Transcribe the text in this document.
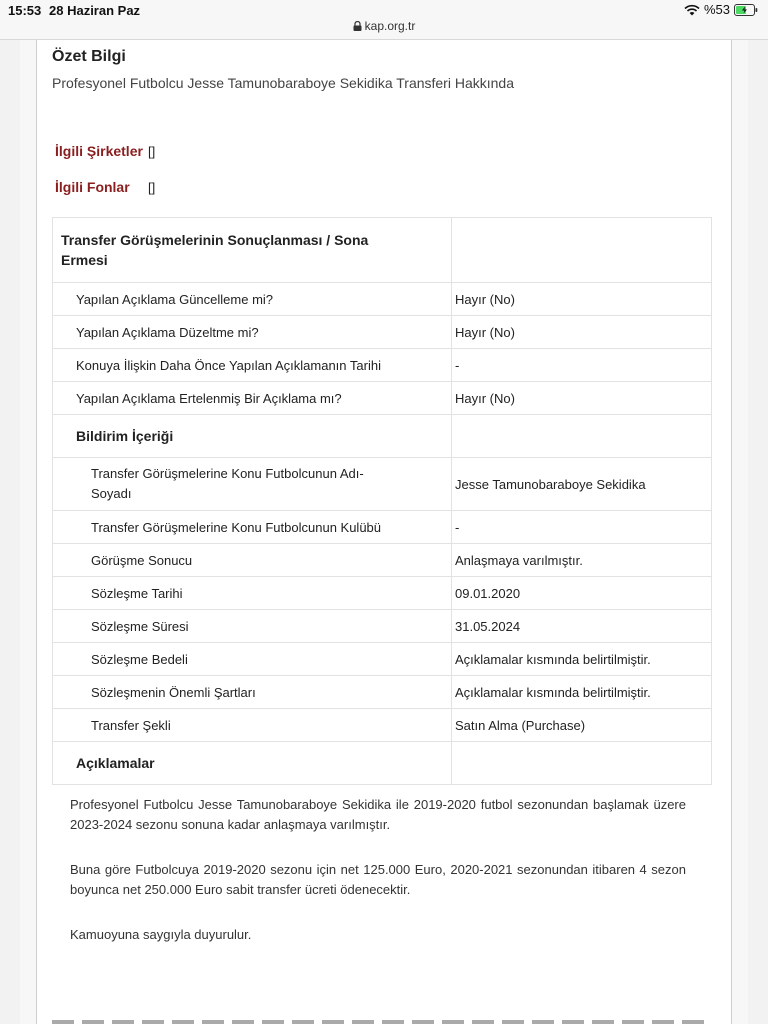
15:53 28 Haziran Paz	%53
kap.org.tr
Özet Bilgi
Profesyonel Futbolcu Jesse Tamunobaraboye Sekidika Transferi Hakkında
İlgili Şirketler []
İlgili Fonlar []
Transfer Görüşmelerinin Sonuçlanması / Sona Ermesi	
Yapılan Açıklama Güncelleme mi?	Hayır (No)
Yapılan Açıklama Düzeltme mi?	Hayır (No)
Konuya İlişkin Daha Önce Yapılan Açıklamanın Tarihi	-
Yapılan Açıklama Ertelenmiş Bir Açıklama mı?	Hayır (No)
Bildirim İçeriği	
Transfer Görüşmelerine Konu Futbolcunun Adı-Soyadı	Jesse Tamunobaraboye Sekidika
Transfer Görüşmelerine Konu Futbolcunun Kulübü	-
Görüşme Sonucu	Anlaşmaya varılmıştır.
Sözleşme Tarihi	09.01.2020
Sözleşme Süresi	31.05.2024
Sözleşme Bedeli	Açıklamalar kısmında belirtilmiştir.
Sözleşmenin Önemli Şartları	Açıklamalar kısmında belirtilmiştir.
Transfer Şekli	Satın Alma (Purchase)
Açıklamalar	

Profesyonel Futbolcu Jesse Tamunobaraboye Sekidika ile 2019-2020 futbol sezonundan başlamak üzere 2023-2024 sezonu sonuna kadar anlaşmaya varılmıştır.

Buna göre Futbolcuya 2019-2020 sezonu için net 125.000 Euro, 2020-2021 sezonundan itibaren 4 sezon boyunca net 250.000 Euro sabit transfer ücreti ödenecektir.

Kamuoyuna saygıyla duyurulur.
